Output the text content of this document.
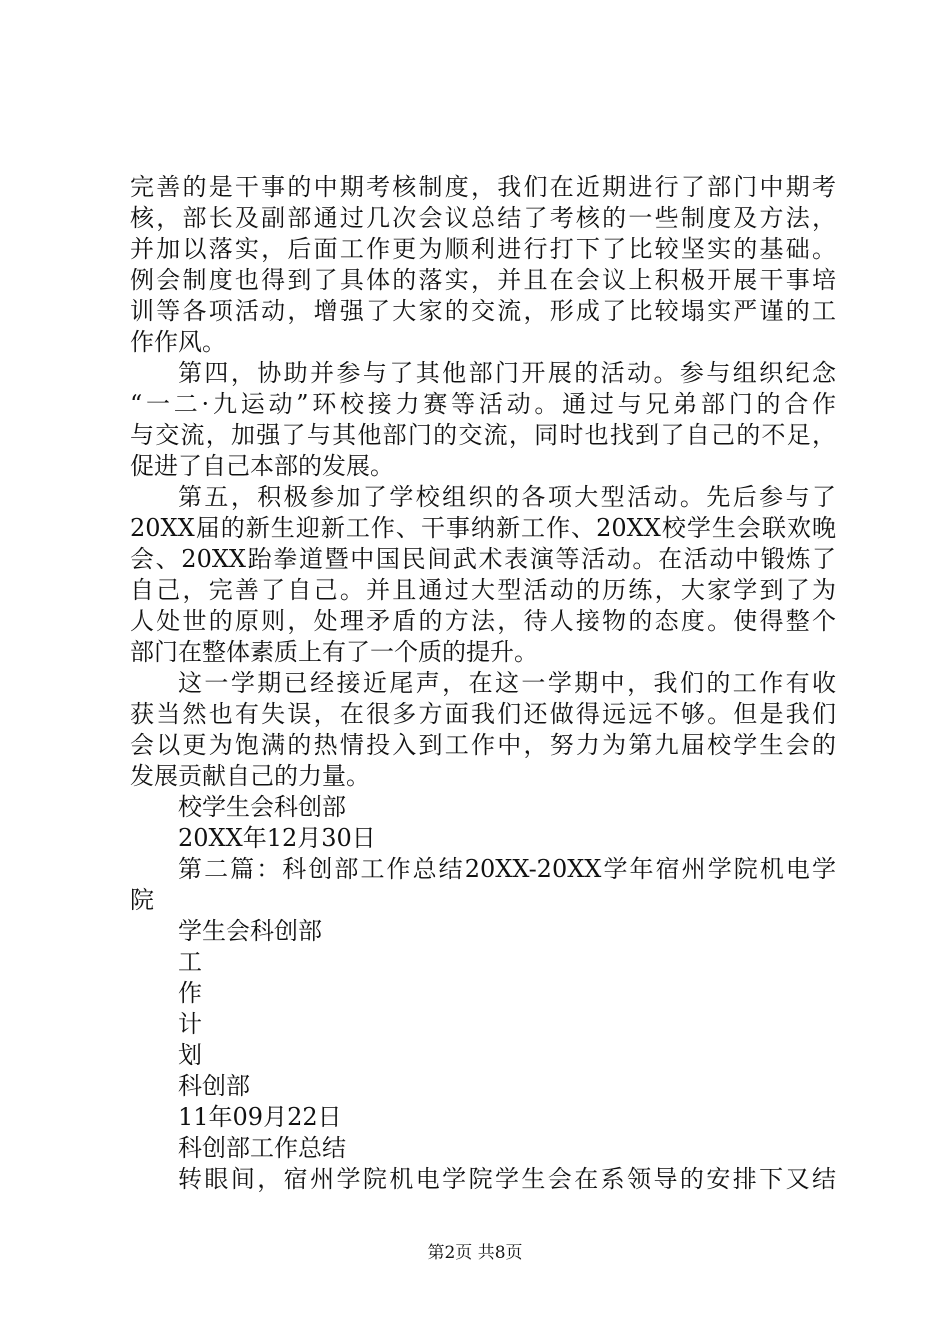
完善的是干事的中期考核制度，我们在近期进行了部门中期考
核，部长及副部通过几次会议总结了考核的一些制度及方法，
并加以落实，后面工作更为顺利进行打下了比较坚实的基础。
例会制度也得到了具体的落实，并且在会议上积极开展干事培
训等各项活动，增强了大家的交流，形成了比较塌实严谨的工
作作风。
第四，协助并参与了其他部门开展的活动。参与组织纪念
“一二·九运动”环校接力赛等活动。通过与兄弟部门的合作
与交流，加强了与其他部门的交流，同时也找到了自己的不足，
促进了自己本部的发展。
第五，积极参加了学校组织的各项大型活动。先后参与了
20XX届的新生迎新工作、干事纳新工作、20XX校学生会联欢晚
会、20XX跆拳道暨中国民间武术表演等活动。在活动中锻炼了
自己，完善了自己。并且通过大型活动的历练，大家学到了为
人处世的原则，处理矛盾的方法，待人接物的态度。使得整个
部门在整体素质上有了一个质的提升。
这一学期已经接近尾声，在这一学期中，我们的工作有收
获当然也有失误，在很多方面我们还做得远远不够。但是我们
会以更为饱满的热情投入到工作中，努力为第九届校学生会的
发展贡献自己的力量。
校学生会科创部
20XX年12月30日
第二篇：科创部工作总结20XX-20XX学年宿州学院机电学
院
学生会科创部
工
作
计
划
科创部
11年09月22日
科创部工作总结
转眼间，宿州学院机电学院学生会在系领导的安排下又结
第2页 共8页
